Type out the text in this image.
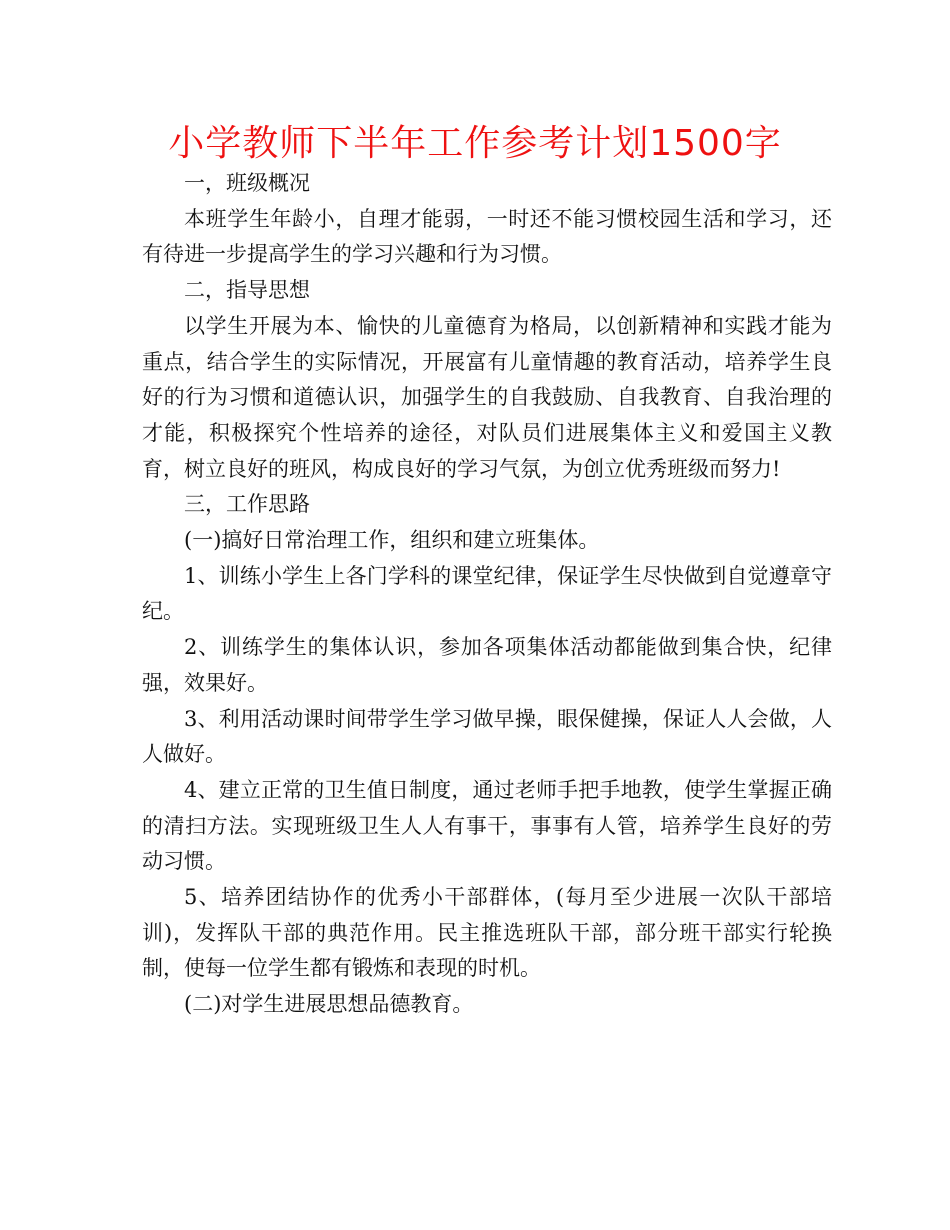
小学教师下半年工作参考计划1500字

一，班级概况

本班学生年龄小，自理才能弱，一时还不能习惯校园生活和学习，还有待进一步提高学生的学习兴趣和行为习惯。

二，指导思想

以学生开展为本、愉快的儿童德育为格局，以创新精神和实践才能为重点，结合学生的实际情况，开展富有儿童情趣的教育活动，培养学生良好的行为习惯和道德认识，加强学生的自我鼓励、自我教育、自我治理的才能，积极探究个性培养的途径，对队员们进展集体主义和爱国主义教育，树立良好的班风，构成良好的学习气氛，为创立优秀班级而努力!

三，工作思路

(一)搞好日常治理工作，组织和建立班集体。

1、训练小学生上各门学科的课堂纪律，保证学生尽快做到自觉遵章守纪。

2、训练学生的集体认识，参加各项集体活动都能做到集合快，纪律强，效果好。

3、利用活动课时间带学生学习做早操，眼保健操，保证人人会做，人人做好。

4、建立正常的卫生值日制度，通过老师手把手地教，使学生掌握正确的清扫方法。实现班级卫生人人有事干，事事有人管，培养学生良好的劳动习惯。

5、培养团结协作的优秀小干部群体，(每月至少进展一次队干部培训)，发挥队干部的典范作用。民主推选班队干部，部分班干部实行轮换制，使每一位学生都有锻炼和表现的时机。

(二)对学生进展思想品德教育。
